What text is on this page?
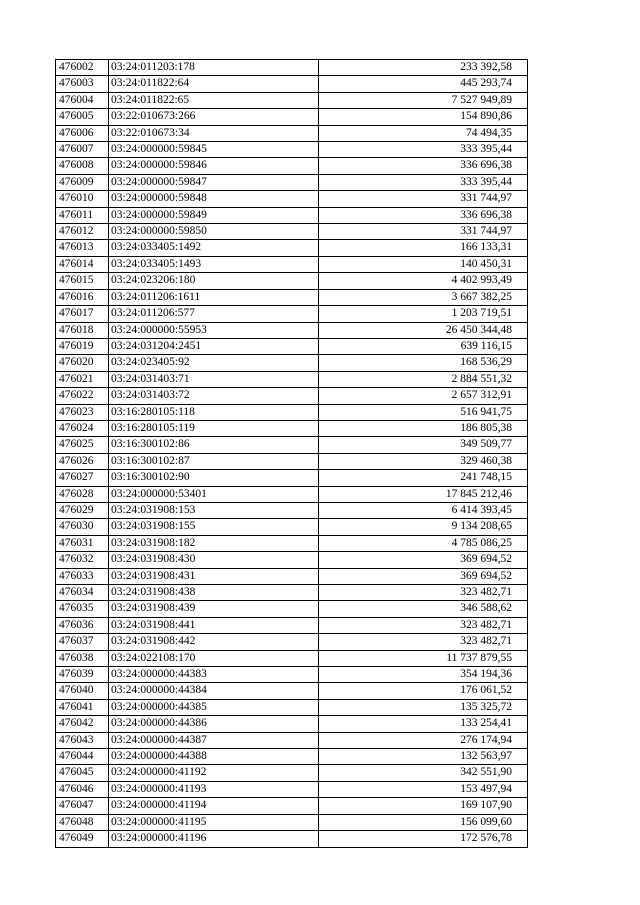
476002	03:24:011203:178	233 392,58
476003	03:24:011822:64	445 293,74
476004	03:24:011822:65	7 527 949,89
476005	03:22:010673:266	154 890,86
476006	03:22:010673:34	74 494,35
476007	03:24:000000:59845	333 395,44
476008	03:24:000000:59846	336 696,38
476009	03:24:000000:59847	333 395,44
476010	03:24:000000:59848	331 744,97
476011	03:24:000000:59849	336 696,38
476012	03:24:000000:59850	331 744,97
476013	03:24:033405:1492	166 133,31
476014	03:24:033405:1493	140 450,31
476015	03:24:023206:180	4 402 993,49
476016	03:24:011206:1611	3 667 382,25
476017	03:24:011206:577	1 203 719,51
476018	03:24:000000:55953	26 450 344,48
476019	03:24:031204:2451	639 116,15
476020	03:24:023405:92	168 536,29
476021	03:24:031403:71	2 884 551,32
476022	03:24:031403:72	2 657 312,91
476023	03:16:280105:118	516 941,75
476024	03:16:280105:119	186 805,38
476025	03:16:300102:86	349 509,77
476026	03:16:300102:87	329 460,38
476027	03:16:300102:90	241 748,15
476028	03:24:000000:53401	17 845 212,46
476029	03:24:031908:153	6 414 393,45
476030	03:24:031908:155	9 134 208,65
476031	03:24:031908:182	4 785 086,25
476032	03:24:031908:430	369 694,52
476033	03:24:031908:431	369 694,52
476034	03:24:031908:438	323 482,71
476035	03:24:031908:439	346 588,62
476036	03:24:031908:441	323 482,71
476037	03:24:031908:442	323 482,71
476038	03:24:022108:170	11 737 879,55
476039	03:24:000000:44383	354 194,36
476040	03:24:000000:44384	176 061,52
476041	03:24:000000:44385	135 325,72
476042	03:24:000000:44386	133 254,41
476043	03:24:000000:44387	276 174,94
476044	03:24:000000:44388	132 563,97
476045	03:24:000000:41192	342 551,90
476046	03:24:000000:41193	153 497,94
476047	03:24:000000:41194	169 107,90
476048	03:24:000000:41195	156 099,60
476049	03:24:000000:41196	172 576,78
